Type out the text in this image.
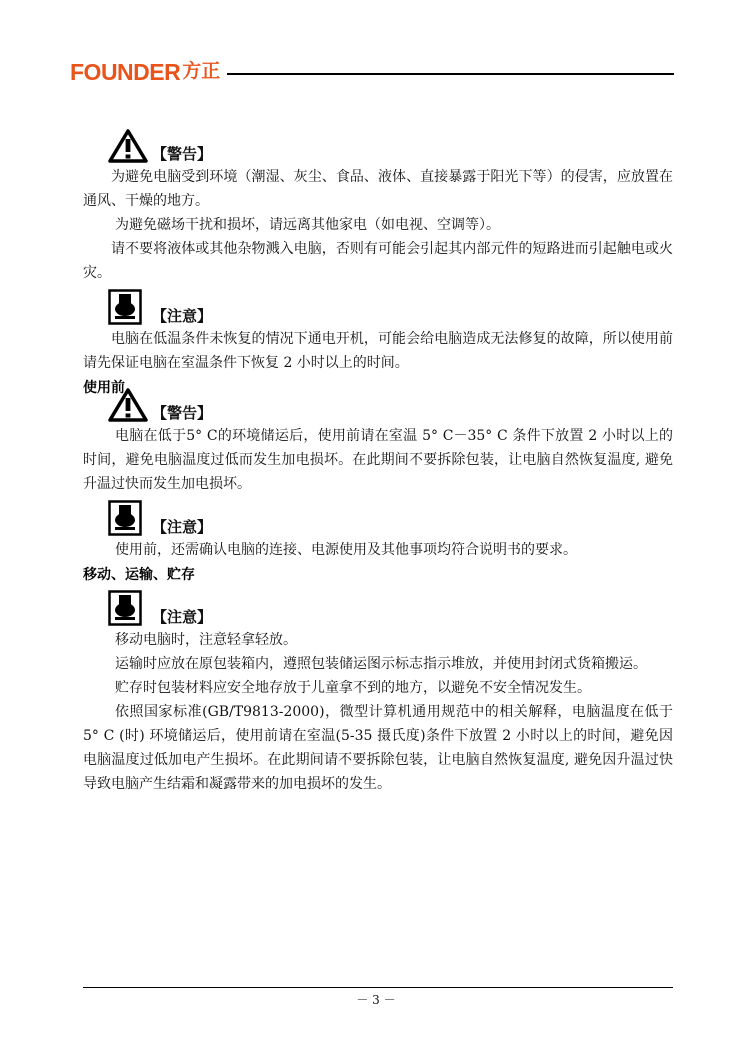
FOUNDER 方正
【警告】

为避免电脑受到环境（潮湿、灰尘、食品、液体、直接暴露于阳光下等）的侵害，应放置在通风、干燥的地方。

为避免磁场干扰和损坏，请远离其他家电（如电视、空调等）。

请不要将液体或其他杂物溅入电脑，否则有可能会引起其内部元件的短路进而引起触电或火灾。

【注意】

电脑在低温条件未恢复的情况下通电开机，可能会给电脑造成无法修复的故障，所以使用前请先保证电脑在室温条件下恢复 2 小时以上的时间。

使用前

【警告】

电脑在低于5° C的环境储运后，使用前请在室温 5° C－35° C 条件下放置 2 小时以上的时间，避免电脑温度过低而发生加电损坏。在此期间不要拆除包装，让电脑自然恢复温度, 避免升温过快而发生加电损坏。

【注意】

使用前，还需确认电脑的连接、电源使用及其他事项均符合说明书的要求。

移动、运输、贮存

【注意】

移动电脑时，注意轻拿轻放。

运输时应放在原包装箱内，遵照包装储运图示标志指示堆放，并使用封闭式货箱搬运。

贮存时包装材料应安全地存放于儿童拿不到的地方，以避免不安全情况发生。

依照国家标准(GB/T9813-2000)，微型计算机通用规范中的相关解释，电脑温度在低于 5° C (时) 环境储运后，使用前请在室温(5-35 摄氏度)条件下放置 2 小时以上的时间，避免因电脑温度过低加电产生损坏。在此期间请不要拆除包装，让电脑自然恢复温度, 避免因升温过快导致电脑产生结霜和凝露带来的加电损坏的发生。

－ 3 －
